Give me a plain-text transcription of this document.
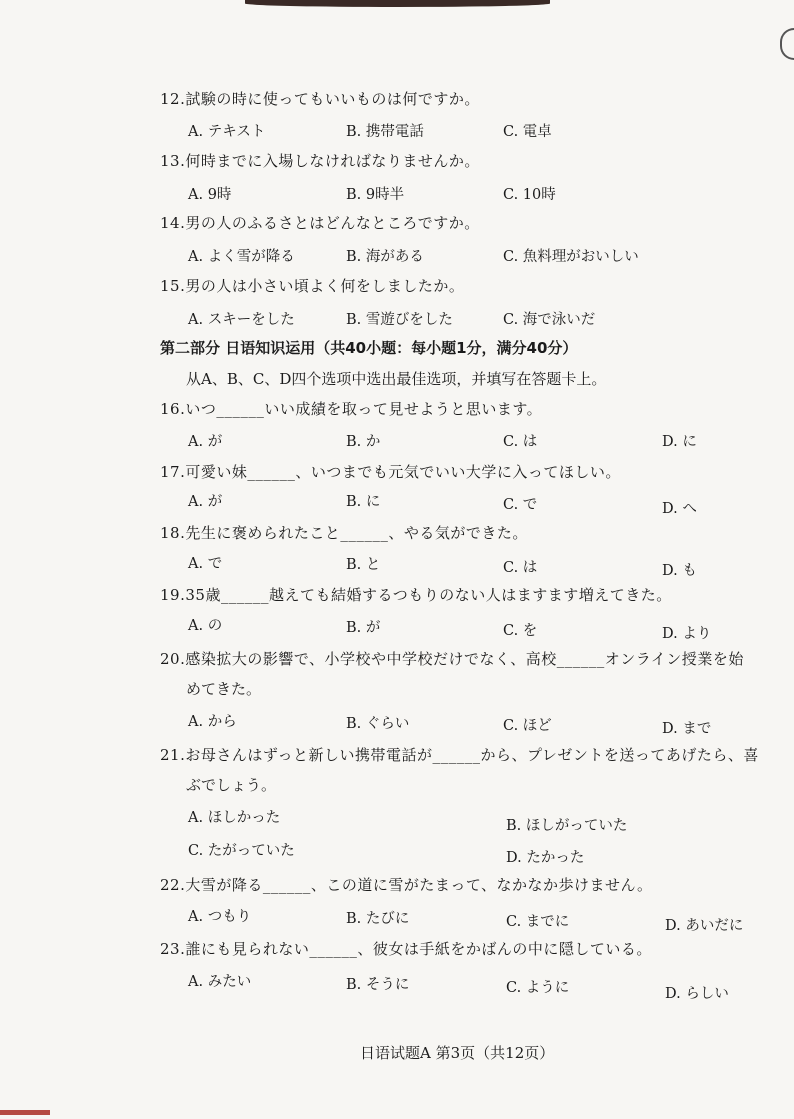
12.試験の時に使ってもいいものは何ですか。
A. テキスト	B. 携帯電話	C. 電卓
13.何時までに入場しなければなりませんか。
A. 9時	B. 9時半	C. 10時
14.男の人のふるさとはどんなところですか。
A. よく雪が降る	B. 海がある	C. 魚料理がおいしい
15.男の人は小さい頃よく何をしましたか。
A. スキーをした	B. 雪遊びをした	C. 海で泳いだ
第二部分 日语知识运用（共40小题：每小题1分，满分40分）
从A、B、C、D四个选项中选出最佳选项，并填写在答题卡上。
16.いつ______いい成績を取って見せようと思います。
A. が	B. か	C. は	D. に
17.可愛い妹______、いつまでも元気でいい大学に入ってほしい。
A. が	B. に	C. で	D. へ
18.先生に褒められたこと______、やる気ができた。
A. で	B. と	C. は	D. も
19.35歳______越えても結婚するつもりのない人はますます増えてきた。
A. の	B. が	C. を	D. より
20.感染拡大の影響で、小学校や中学校だけでなく、高校______オンライン授業を始
めてきた。
A. から	B. ぐらい	C. ほど	D. まで
21.お母さんはずっと新しい携帯電話が______から、プレゼントを送ってあげたら、喜
ぶでしょう。
A. ほしかった	B. ほしがっていた
C. たがっていた	D. たかった
22.大雪が降る______、この道に雪がたまって、なかなか歩けません。
A. つもり	B. たびに	C. までに	D. あいだに
23.誰にも見られない______、彼女は手紙をかばんの中に隠している。
A. みたい	B. そうに	C. ように	D. らしい
日语试题A 第3页（共12页）
